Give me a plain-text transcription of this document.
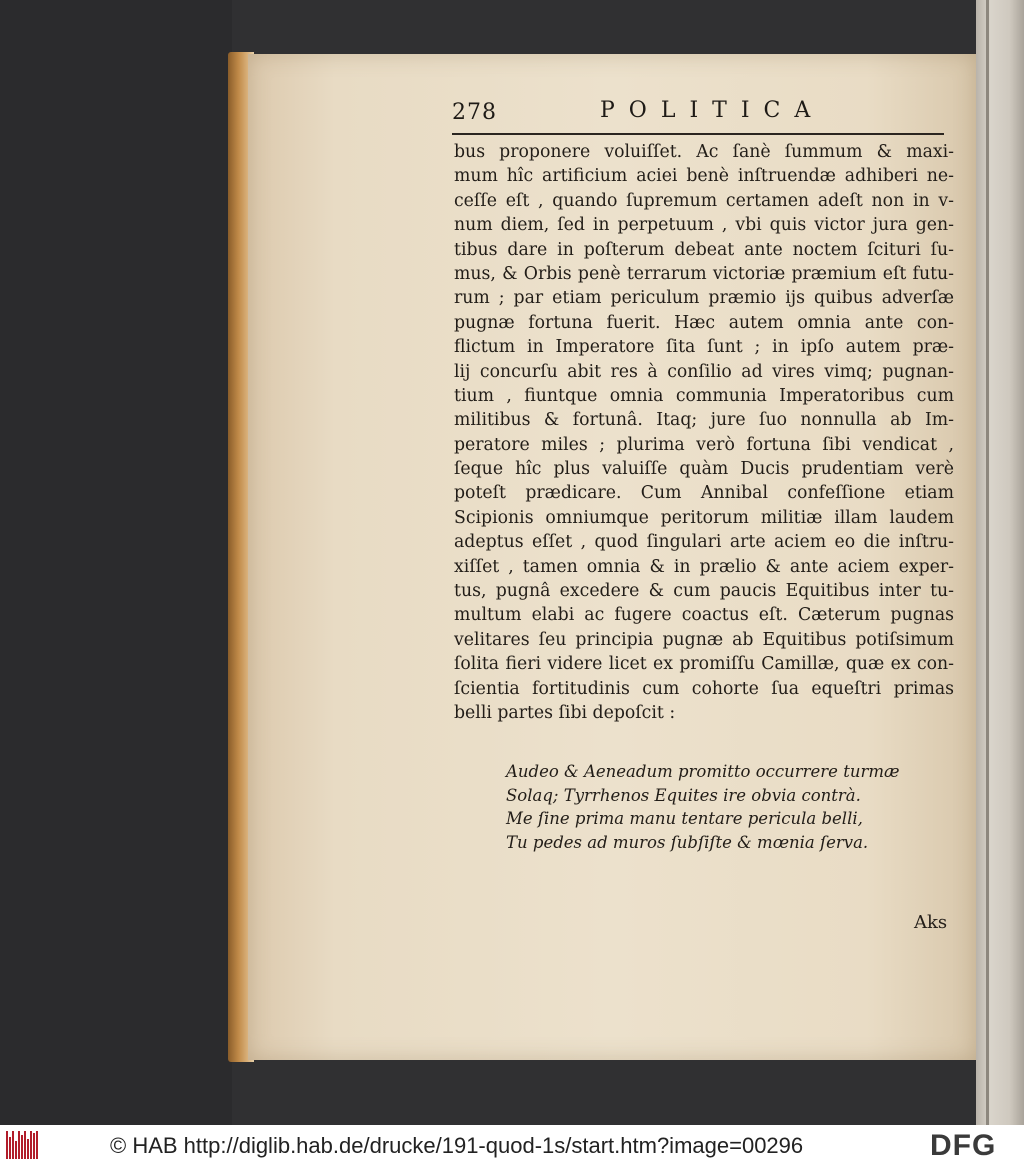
278	POLITICA
bus proponere voluiſſet. Ac ſanè ſummum & maxi-
mum hîc artificium aciei benè inſtruendæ adhiberi ne-
ceſſe eſt , quando ſupremum certamen adeſt non in v-
num diem, ſed in perpetuum , vbi quis victor jura gen-
tibus dare in poſterum debeat ante noctem ſcituri ſu-
mus, & Orbis penè terrarum victoriæ præmium eſt futu-
rum ; par etiam periculum præmio ijs quibus adverſæ
pugnæ fortuna fuerit. Hæc autem omnia ante con-
flictum in Imperatore ſita ſunt ; in ipſo autem præ-
lij concurſu abit res à conſilio ad vires vimq; pugnan-
tium , fiuntque omnia communia Imperatoribus cum
militibus & fortunâ. Itaq; jure ſuo nonnulla ab Im-
peratore miles ; plurima verò fortuna ſibi vendicat ,
ſeque hîc plus valuiſſe quàm Ducis prudentiam verè
poteſt prædicare. Cum Annibal confeſſione etiam
Scipionis omniumque peritorum militiæ illam laudem
adeptus eſſet , quod ſingulari arte aciem eo die inſtru-
xiſſet , tamen omnia & in prælio & ante aciem exper-
tus, pugnâ excedere & cum paucis Equitibus inter tu-
multum elabi ac fugere coactus eſt. Cæterum pugnas
velitares ſeu principia pugnæ ab Equitibus potiſsimum
ſolita fieri videre licet ex promiſſu Camillæ, quæ ex con-
ſcientia fortitudinis cum cohorte ſua equeſtri primas
belli partes ſibi depoſcit :
Audeo & Aeneadum promitto occurrere turmæ
Solaq; Tyrrhenos Equites ire obvia contrà.
Me ſine prima manu tentare pericula belli,
Tu pedes ad muros ſubſiſte & mœnia ſerva.
Aks
© HAB http://diglib.hab.de/drucke/191-quod-1s/start.htm?image=00296	DFG
